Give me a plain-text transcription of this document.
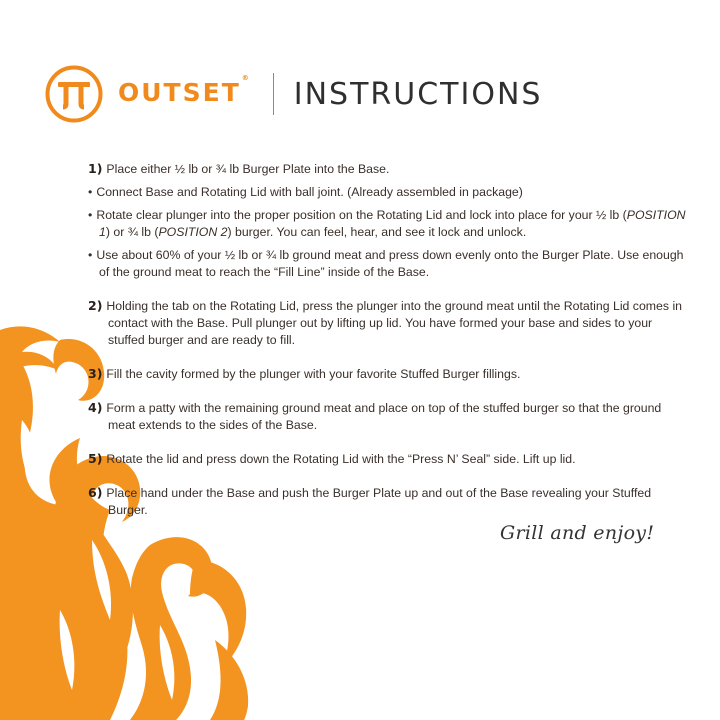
OUTSET® INSTRUCTIONS
1) Place either ½ lb or ¾ lb Burger Plate into the Base.
• Connect Base and Rotating Lid with ball joint. (Already assembled in package)
• Rotate clear plunger into the proper position on the Rotating Lid and lock into place for your ½ lb (POSITION 1) or ¾ lb (POSITION 2) burger. You can feel, hear, and see it lock and unlock.
• Use about 60% of your ½ lb or ¾ lb ground meat and press down evenly onto the Burger Plate. Use enough of the ground meat to reach the “Fill Line” inside of the Base.
2) Holding the tab on the Rotating Lid, press the plunger into the ground meat until the Rotating Lid comes in contact with the Base. Pull plunger out by lifting up lid. You have formed your base and sides to your stuffed burger and are ready to fill.
3) Fill the cavity formed by the plunger with your favorite Stuffed Burger fillings.
4) Form a patty with the remaining ground meat and place on top of the stuffed burger so that the ground meat extends to the sides of the Base.
5) Rotate the lid and press down the Rotating Lid with the “Press N’ Seal” side. Lift up lid.
6) Place hand under the Base and push the Burger Plate up and out of the Base revealing your Stuffed Burger.
Grill and enjoy!
